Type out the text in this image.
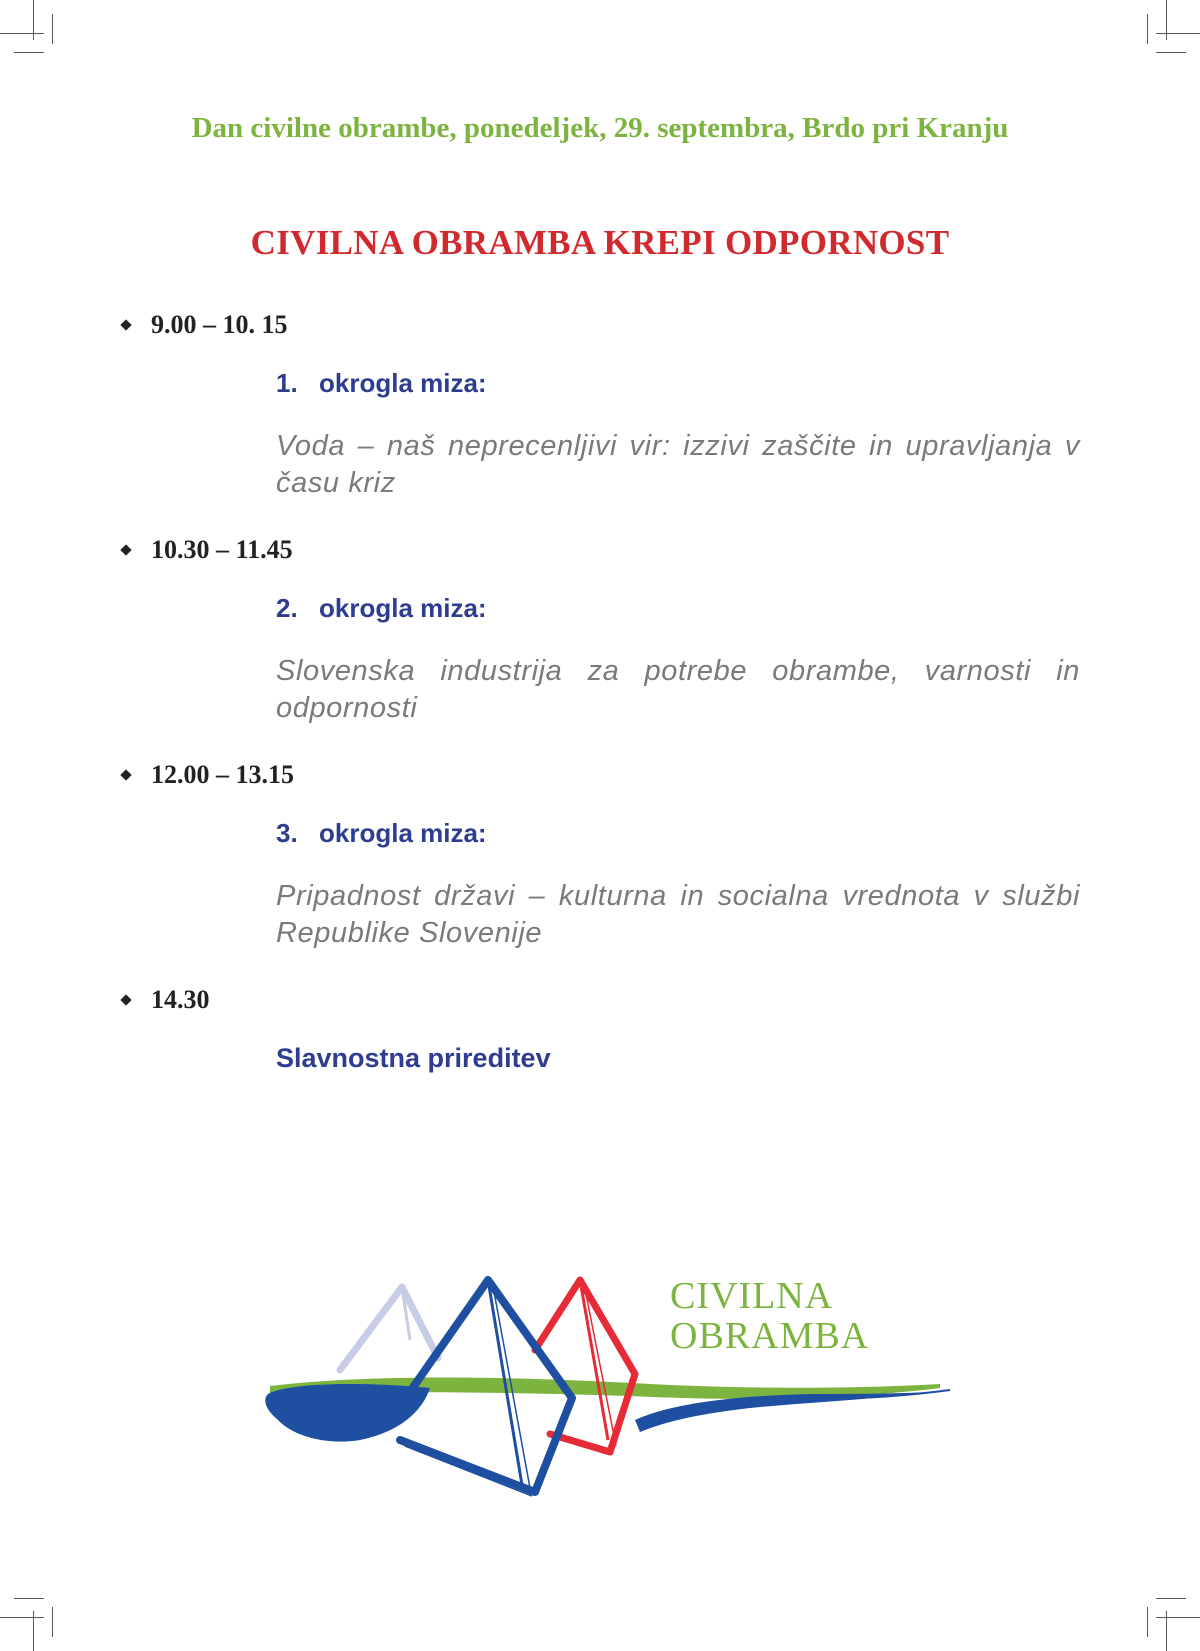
Dan civilne obrambe, ponedeljek, 29. septembra, Brdo pri Kranju
CIVILNA OBRAMBA KREPI ODPORNOST
9.00 – 10. 15
1. okrogla miza:
Voda – naš neprecenljivi vir: izzivi zaščite in upravljanja v času kriz
10.30 – 11.45
2. okrogla miza:
Slovenska industrija za potrebe obrambe, varnosti in odpornosti
12.00 – 13.15
3. okrogla miza:
Pripadnost državi – kulturna in socialna vrednota v službi Republike Slovenije
14.30
Slavnostna prireditev
CIVILNA
OBRAMBA
